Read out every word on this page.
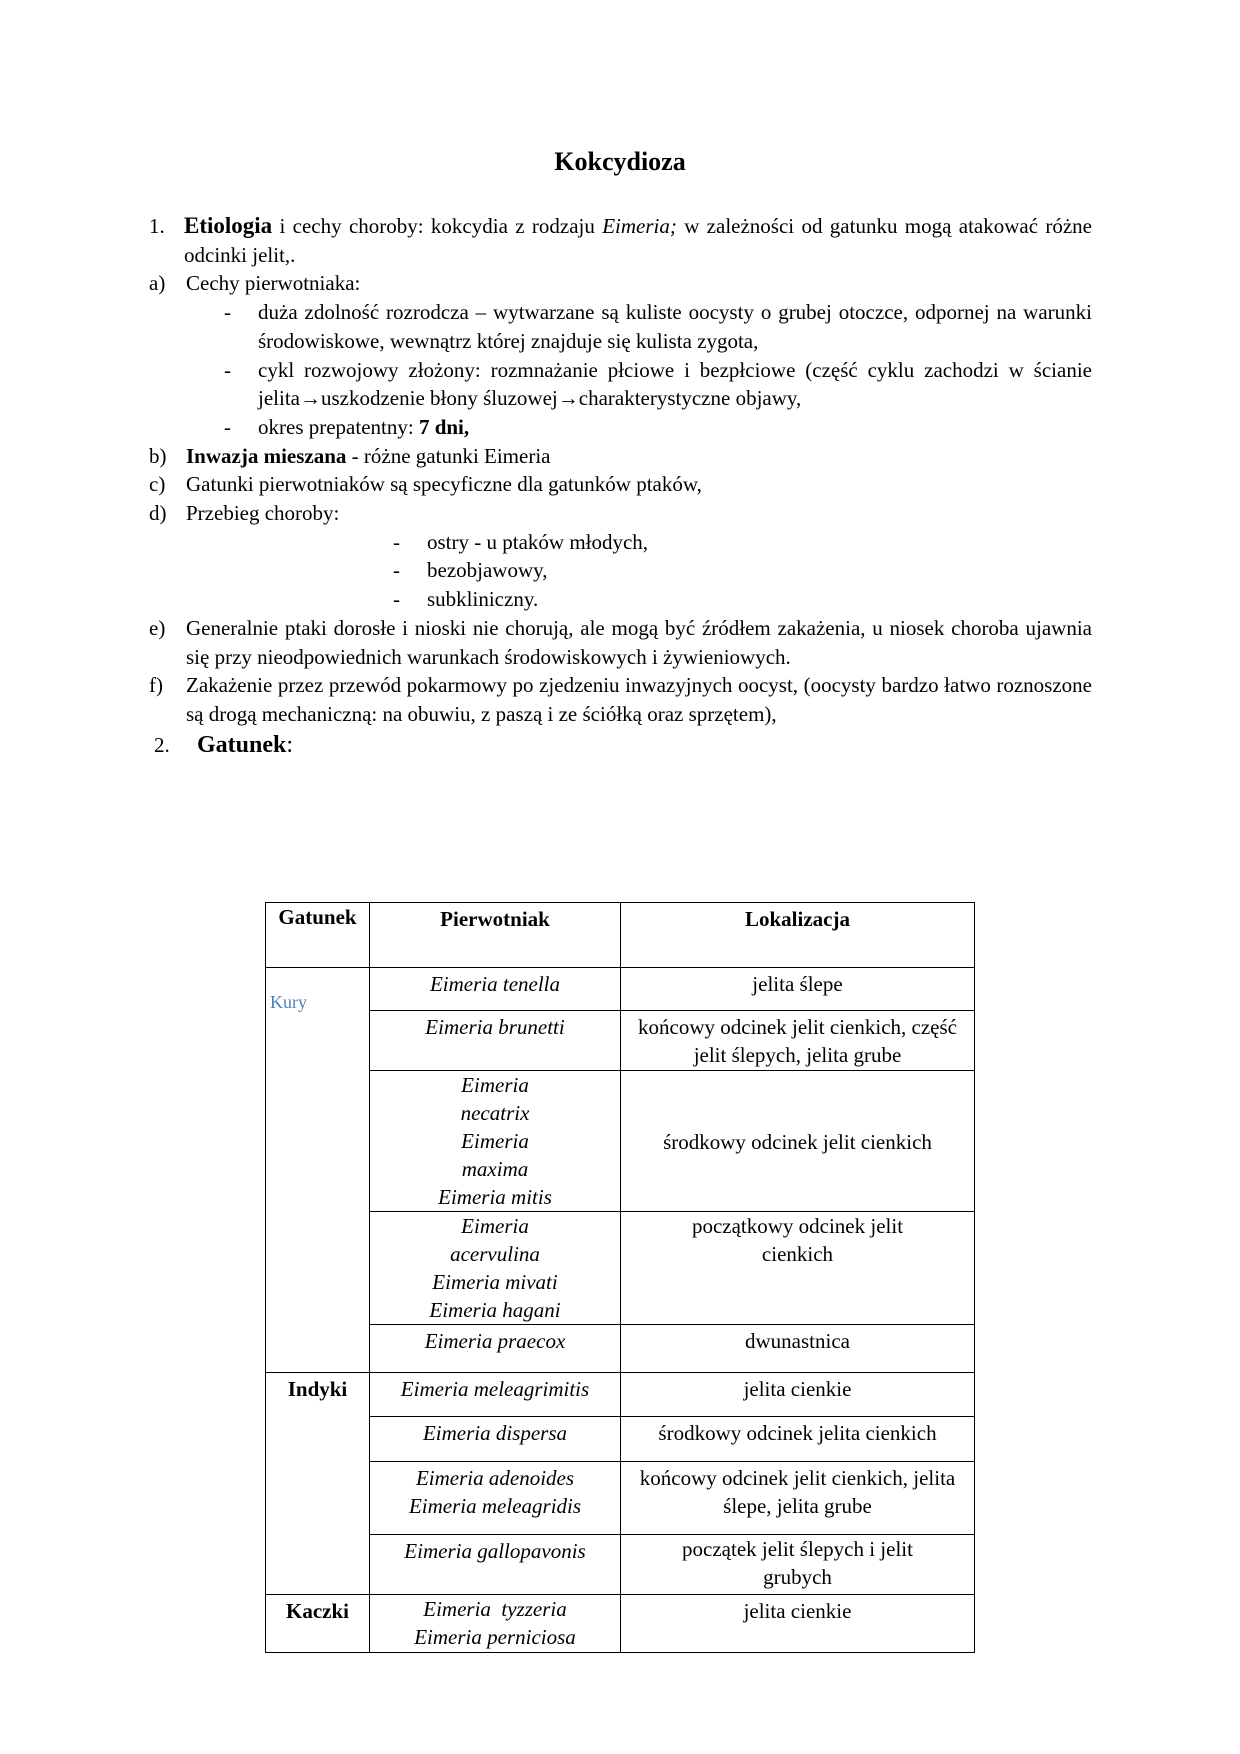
Kokcydioza
1. Etiologia i cechy choroby: kokcydia z rodzaju Eimeria; w zależności od gatunku mogą atakować różne odcinki jelit,.
a) Cechy pierwotniaka:
- duża zdolność rozrodcza – wytwarzane są kuliste oocysty o grubej otoczce, odpornej na warunki środowiskowe, wewnątrz której znajduje się kulista zygota,
- cykl rozwojowy złożony: rozmnażanie płciowe i bezpłciowe (część cyklu zachodzi w ścianie jelita→uszkodzenie błony śluzowej→charakterystyczne objawy,
- okres prepatentny: 7 dni,
b) Inwazja mieszana - różne gatunki Eimeria
c) Gatunki pierwotniaków są specyficzne dla gatunków ptaków,
d) Przebieg choroby:
- ostry - u ptaków młodych,
- bezobjawowy,
- subkliniczny.
e) Generalnie ptaki dorosłe i nioski nie chorują, ale mogą być źródłem zakażenia, u niosek choroba ujawnia się przy nieodpowiednich warunkach środowiskowych i żywieniowych.
f) Zakażenie przez przewód pokarmowy po zjedzeniu inwazyjnych oocyst, (oocysty bardzo łatwo roznoszone są drogą mechaniczną: na obuwiu, z paszą i ze ściółką oraz sprzętem),
2. Gatunek:
Gatunek	Pierwotniak	Lokalizacja

Kury	Eimeria tenella	jelita ślepe
	Eimeria brunetti	końcowy odcinek jelit cienkich, część jelit ślepych, jelita grube
	Eimeria necatrix Eimeria maxima Eimeria mitis	środkowy odcinek jelit cienkich
	Eimeria acervulina Eimeria mivati Eimeria hagani	początkowy odcinek jelit cienkich
	Eimeria praecox	dwunastnica
Indyki	Eimeria meleagrimitis	jelita cienkie
	Eimeria dispersa	środkowy odcinek jelita cienkich
	Eimeria adenoides Eimeria meleagridis	końcowy odcinek jelit cienkich, jelita ślepe, jelita grube
	Eimeria gallopavonis	początek jelit ślepych i jelit grubych
Kaczki	Eimeria  tyzzeria Eimeria perniciosa	jelita cienkie
